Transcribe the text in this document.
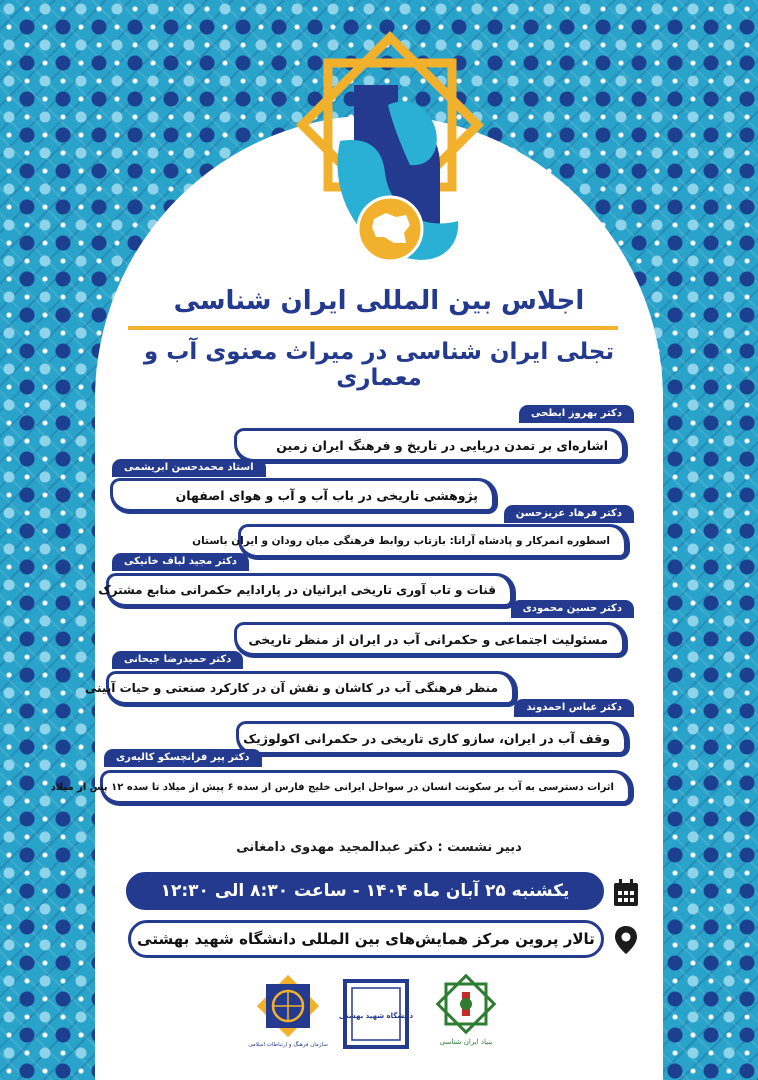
اجلاس بین المللی ایران شناسی
تجلی ایران شناسی در میراث معنوی آب و معماری
دکتر بهروز ابطحی
اشاره‌ای بر تمدن دریایی در تاریخ و فرهنگ ایران زمین
استاد محمدحسن ابریشمی
پژوهشی تاریخی در باب آب و آب و هوای اصفهان
دکتر فرهاد عزیزحسن
اسطوره انمرکار و پادشاه آراتا: بازتاب روابط فرهنگی میان رودان و ایران باستان
دکتر مجید لباف خانیکی
قنات و تاب آوری تاریخی ایرانیان در پارادایم حکمرانی منابع مشترک
دکتر حسین محمودی
مسئولیت اجتماعی و حکمرانی آب در ایران از منظر تاریخی
دکتر حمیدرضا جیحانی
منظر فرهنگی آب در کاشان و نقش آن در کارکرد صنعتی و حیات آیینی
دکتر عباس احمدوند
وقف آب در ایران، سازو کاری تاریخی در حکمرانی اکولوژیک
دکتر پیر فرانچسکو کالیه‌ری
اثرات دسترسی به آب بر سکونت انسان در سواحل ایرانی خلیج فارس از سده ۶ پیش از میلاد تا سده ۱۲ پس از میلاد

دبیر نشست : دکتر عبدالمجید مهدوی دامغانی

یکشنبه ۲۵ آبان ماه ۱۴۰۴ - ساعت ۸:۳۰ الی ۱۲:۳۰
تالار پروین مرکز همایش‌های بین المللی دانشگاه شهید بهشتی
سازمان فرهنگ و ارتباطات اسلامی
دانشگاه شهید بهشتی
بنیاد ایران شناسی
